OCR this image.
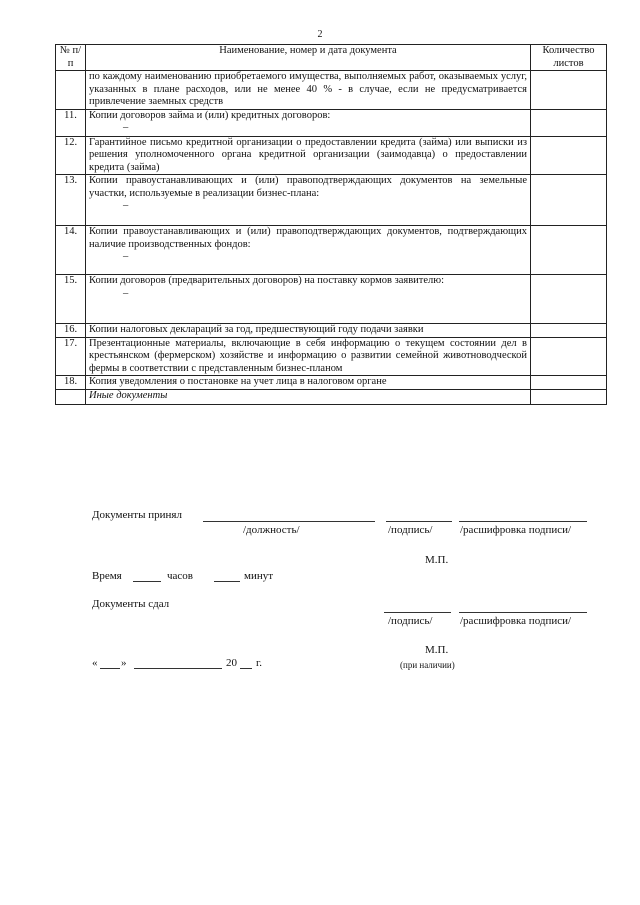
2
№ п/п	Наименование, номер и дата документа	Количество листов
	по каждому наименованию приобретаемого имущества, выполняемых работ, оказываемых услуг, указанных в плане расходов, или не менее 40 % - в случае, если не предусматривается привлечение заемных средств	
11.	Копии договоров займа и (или) кредитных договоров:
–	

12.	Гарантийное письмо кредитной организации о предоставлении кредита (займа) или выписки из решения уполномоченного органа кредитной организации (заимодавца) о предоставлении кредита (займа)	
13.	Копии правоустанавливающих и (или) правоподтверждающих документов на земельные участки, используемые в реализации бизнес-плана:
–	

14.	Копии правоустанавливающих и (или) правоподтверждающих документов, подтверждающих наличие производственных фондов:
–	

15.	Копии договоров (предварительных договоров) на поставку кормов заявителю:
–	

16.	Копии налоговых деклараций за год, предшествующий году подачи заявки	
17.	Презентационные материалы, включающие в себя информацию о текущем состоянии дел в крестьянском (фермерском) хозяйстве и информацию о развитии семейной животноводческой фермы в соответствии с представленным бизнес-планом	
18.	Копия уведомления о постановке на учет лица в налоговом органе	
	Иные документы	
Документы принял
/должность/	/подпись/	/расшифровка подписи/
М.П.
Время	часов	минут
Документы сдал
/подпись/	/расшифровка подписи/
М.П.
(при наличии)
« »	20 г.
